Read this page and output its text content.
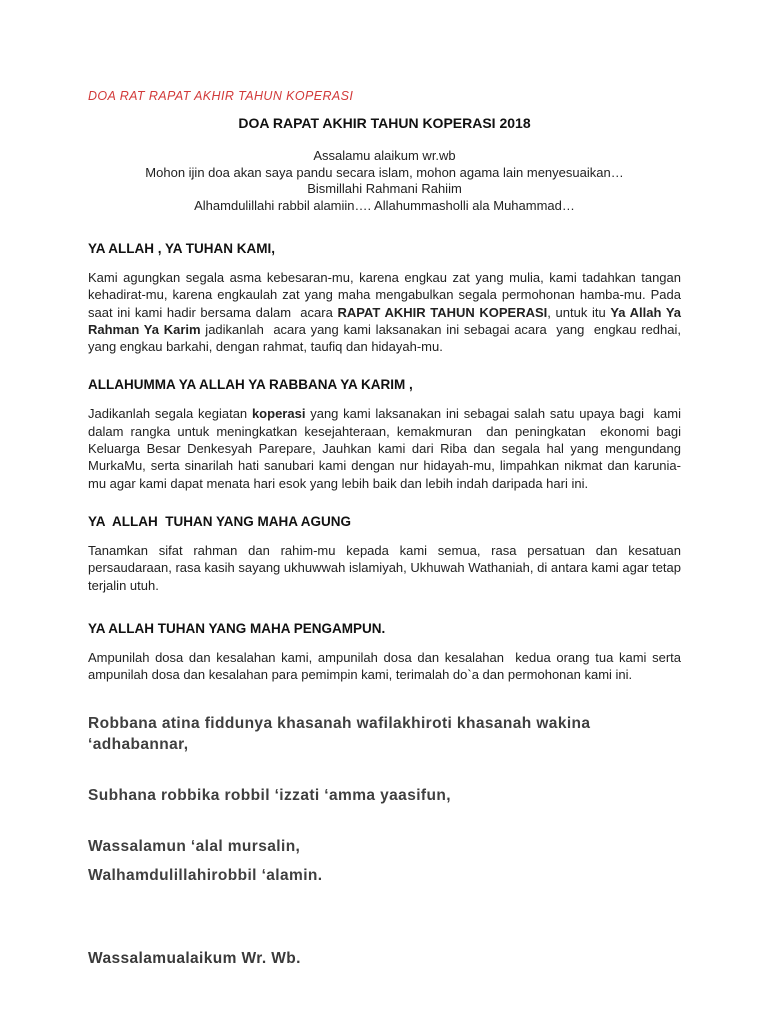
DOA RAT RAPAT AKHIR TAHUN KOPERASI
DOA RAPAT AKHIR TAHUN KOPERASI 2018
Assalamu alaikum wr.wb
Mohon ijin doa akan saya pandu secara islam, mohon agama lain menyesuaikan…
Bismillahi Rahmani Rahiim
Alhamdulillahi rabbil alamiin…. Allahummasholli ala Muhammad…
YA ALLAH , YA TUHAN KAMI,
Kami agungkan segala asma kebesaran-mu, karena engkau zat yang mulia, kami tadahkan tangan kehadirat-mu, karena engkaulah zat yang maha mengabulkan segala permohonan hamba-mu. Pada saat ini kami hadir bersama dalam  acara RAPAT AKHIR TAHUN KOPERASI, untuk itu Ya Allah Ya Rahman Ya Karim jadikanlah  acara yang kami laksanakan ini sebagai acara  yang  engkau redhai, yang engkau barkahi, dengan rahmat, taufiq dan hidayah-mu.
ALLAHUMMA YA ALLAH YA RABBANA YA KARIM ,
Jadikanlah segala kegiatan koperasi yang kami laksanakan ini sebagai salah satu upaya bagi  kami dalam rangka untuk meningkatkan kesejahteraan, kemakmuran  dan peningkatan  ekonomi bagi Keluarga Besar Denkesyah Parepare, Jauhkan kami dari Riba dan segala hal yang mengundang MurkaMu, serta sinarilah hati sanubari kami dengan nur hidayah-mu, limpahkan nikmat dan karunia-mu agar kami dapat menata hari esok yang lebih baik dan lebih indah daripada hari ini.
YA  ALLAH  TUHAN YANG MAHA AGUNG
Tanamkan sifat rahman dan rahim-mu kepada kami semua, rasa persatuan dan kesatuan persaudaraan, rasa kasih sayang ukhuwwah islamiyah, Ukhuwah Wathaniah, di antara kami agar tetap terjalin utuh.
YA ALLAH TUHAN YANG MAHA PENGAMPUN.
Ampunilah dosa dan kesalahan kami, ampunilah dosa dan kesalahan  kedua orang tua kami serta ampunilah dosa dan kesalahan para pemimpin kami, terimalah do`a dan permohonan kami ini.
Robbana atina fiddunya khasanah wafilakhiroti khasanah wakina ‘adhabannar,
Subhana robbika robbil ‘izzati ‘amma yaasifun,
Wassalamun ‘alal mursalin,
Walhamdulillahirobbil ‘alamin.
Wassalamualaikum Wr. Wb.
